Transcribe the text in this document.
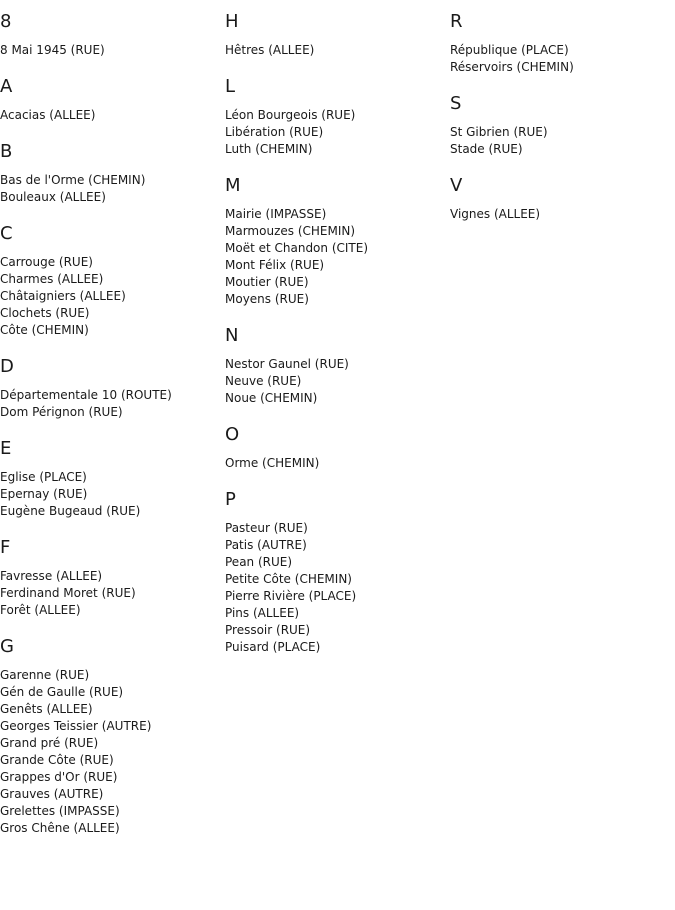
8
8 Mai 1945 (RUE)
A
Acacias (ALLEE)
B
Bas de l'Orme (CHEMIN)
Bouleaux (ALLEE)
C
Carrouge (RUE)
Charmes (ALLEE)
Châtaigniers (ALLEE)
Clochets (RUE)
Côte (CHEMIN)
D
Départementale 10 (ROUTE)
Dom Pérignon (RUE)
E
Eglise (PLACE)
Epernay (RUE)
Eugène Bugeaud (RUE)
F
Favresse (ALLEE)
Ferdinand Moret (RUE)
Forêt (ALLEE)
G
Garenne (RUE)
Gén de Gaulle (RUE)
Genêts (ALLEE)
Georges Teissier (AUTRE)
Grand pré (RUE)
Grande Côte (RUE)
Grappes d'Or (RUE)
Grauves (AUTRE)
Grelettes (IMPASSE)
Gros Chêne (ALLEE)
H
Hêtres (ALLEE)
L
Léon Bourgeois (RUE)
Libération (RUE)
Luth (CHEMIN)
M
Mairie (IMPASSE)
Marmouzes (CHEMIN)
Moët et Chandon (CITE)
Mont Félix (RUE)
Moutier (RUE)
Moyens (RUE)
N
Nestor Gaunel (RUE)
Neuve (RUE)
Noue (CHEMIN)
O
Orme (CHEMIN)
P
Pasteur (RUE)
Patis (AUTRE)
Pean (RUE)
Petite Côte (CHEMIN)
Pierre Rivière (PLACE)
Pins (ALLEE)
Pressoir (RUE)
Puisard (PLACE)
R
République (PLACE)
Réservoirs (CHEMIN)
S
St Gibrien (RUE)
Stade (RUE)
V
Vignes (ALLEE)
